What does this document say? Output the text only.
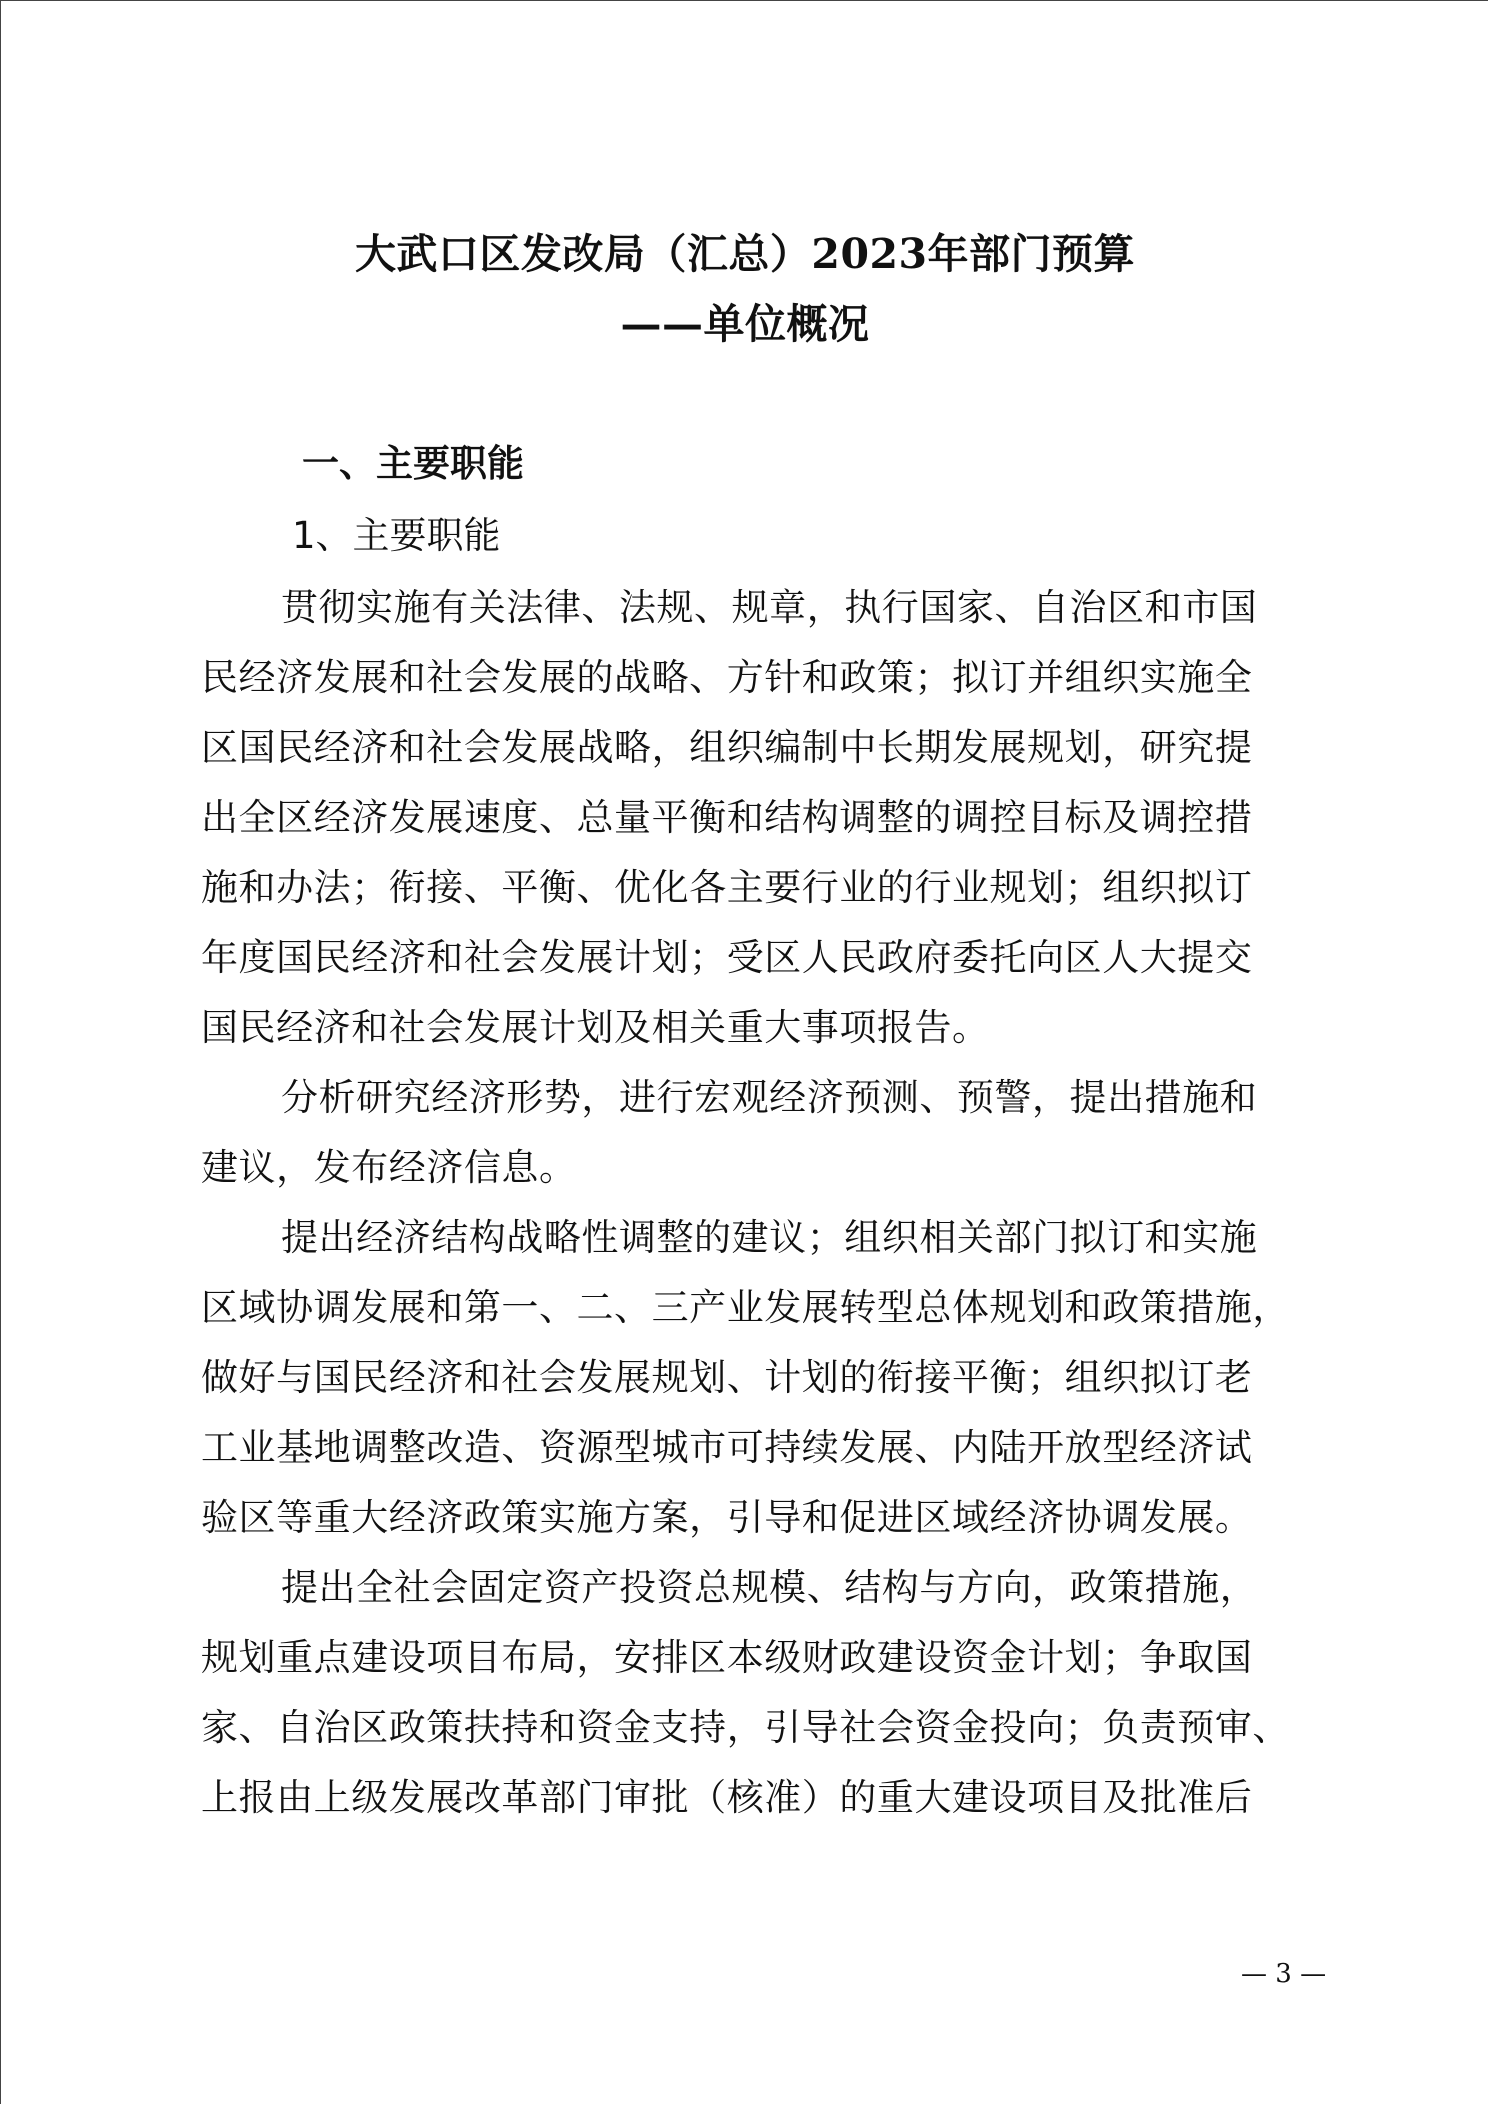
大武口区发改局（汇总）2023年部门预算
——单位概况
一、主要职能
1、主要职能
贯彻实施有关法律、法规、规章，执行国家、自治区和市国
民经济发展和社会发展的战略、方针和政策；拟订并组织实施全
区国民经济和社会发展战略，组织编制中长期发展规划，研究提
出全区经济发展速度、总量平衡和结构调整的调控目标及调控措
施和办法；衔接、平衡、优化各主要行业的行业规划；组织拟订
年度国民经济和社会发展计划；受区人民政府委托向区人大提交
国民经济和社会发展计划及相关重大事项报告。
分析研究经济形势，进行宏观经济预测、预警，提出措施和
建议，发布经济信息。
提出经济结构战略性调整的建议；组织相关部门拟订和实施
区域协调发展和第一、二、三产业发展转型总体规划和政策措施，
做好与国民经济和社会发展规划、计划的衔接平衡；组织拟订老
工业基地调整改造、资源型城市可持续发展、内陆开放型经济试
验区等重大经济政策实施方案，引导和促进区域经济协调发展。
提出全社会固定资产投资总规模、结构与方向，政策措施，
规划重点建设项目布局，安排区本级财政建设资金计划；争取国
家、自治区政策扶持和资金支持，引导社会资金投向；负责预审、
上报由上级发展改革部门审批（核准）的重大建设项目及批准后
— 3 —
